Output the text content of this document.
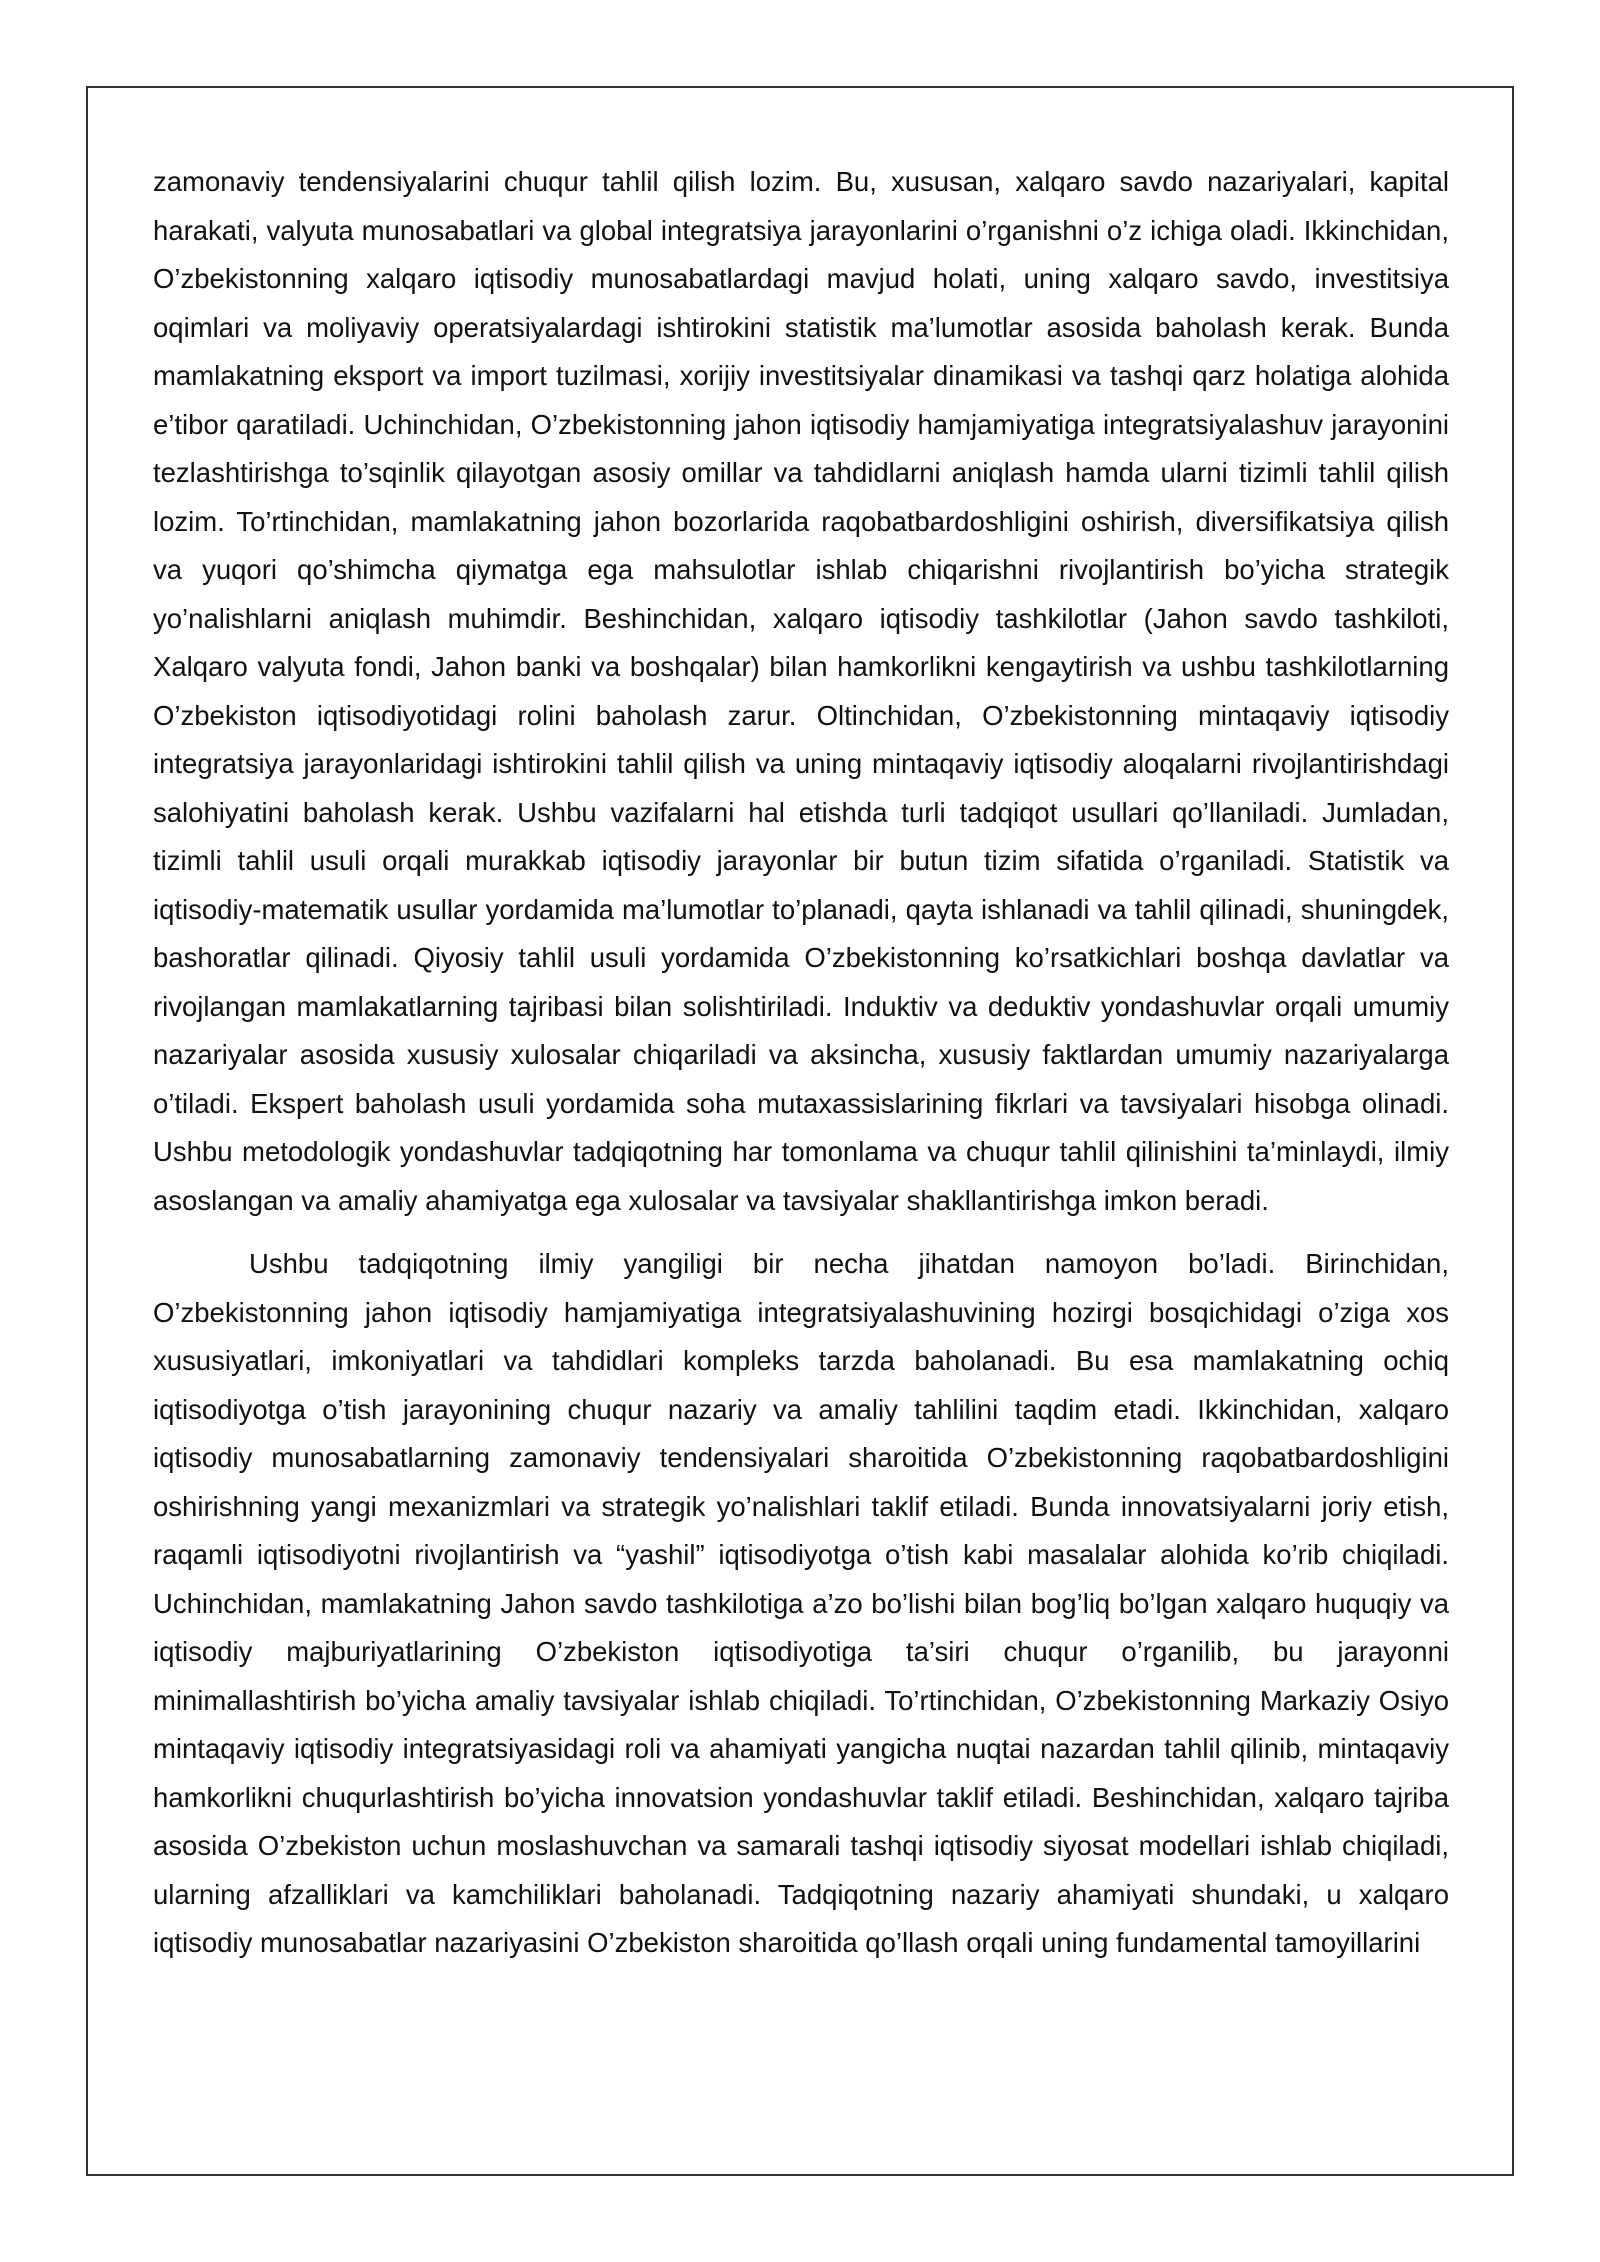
zamonaviy tendensiyalarini chuqur tahlil qilish lozim. Bu, xususan, xalqaro savdo nazariyalari, kapital harakati, valyuta munosabatlari va global integratsiya jarayonlarini o’rganishni o’z ichiga oladi. Ikkinchidan, O’zbekistonning xalqaro iqtisodiy munosabatlardagi mavjud holati, uning xalqaro savdo, investitsiya oqimlari va moliyaviy operatsiyalardagi ishtirokini statistik ma’lumotlar asosida baholash kerak. Bunda mamlakatning eksport va import tuzilmasi, xorijiy investitsiyalar dinamikasi va tashqi qarz holatiga alohida e’tibor qaratiladi. Uchinchidan, O’zbekistonning jahon iqtisodiy hamjamiyatiga integratsiyalashuv jarayonini tezlashtirishga to’sqinlik qilayotgan asosiy omillar va tahdidlarni aniqlash hamda ularni tizimli tahlil qilish lozim. To’rtinchidan, mamlakatning jahon bozorlarida raqobatbardoshligini oshirish, diversifikatsiya qilish va yuqori qo’shimcha qiymatga ega mahsulotlar ishlab chiqarishni rivojlantirish bo’yicha strategik yo’nalishlarni aniqlash muhimdir. Beshinchidan, xalqaro iqtisodiy tashkilotlar (Jahon savdo tashkiloti, Xalqaro valyuta fondi, Jahon banki va boshqalar) bilan hamkorlikni kengaytirish va ushbu tashkilotlarning O’zbekiston iqtisodiyotidagi rolini baholash zarur. Oltinchidan, O’zbekistonning mintaqaviy iqtisodiy integratsiya jarayonlaridagi ishtirokini tahlil qilish va uning mintaqaviy iqtisodiy aloqalarni rivojlantirishdagi salohiyatini baholash kerak. Ushbu vazifalarni hal etishda turli tadqiqot usullari qo’llaniladi. Jumladan, tizimli tahlil usuli orqali murakkab iqtisodiy jarayonlar bir butun tizim sifatida o’rganiladi. Statistik va iqtisodiy-matematik usullar yordamida ma’lumotlar to’planadi, qayta ishlanadi va tahlil qilinadi, shuningdek, bashoratlar qilinadi. Qiyosiy tahlil usuli yordamida O’zbekistonning ko’rsatkichlari boshqa davlatlar va rivojlangan mamlakatlarning tajribasi bilan solishtiriladi. Induktiv va deduktiv yondashuvlar orqali umumiy nazariyalar asosida xususiy xulosalar chiqariladi va aksincha, xususiy faktlardan umumiy nazariyalarga o’tiladi. Ekspert baholash usuli yordamida soha mutaxassislarining fikrlari va tavsiyalari hisobga olinadi. Ushbu metodologik yondashuvlar tadqiqotning har tomonlama va chuqur tahlil qilinishini ta’minlaydi, ilmiy asoslangan va amaliy ahamiyatga ega xulosalar va tavsiyalar shakllantirishga imkon beradi.

Ushbu tadqiqotning ilmiy yangiligi bir necha jihatdan namoyon bo’ladi. Birinchidan, O’zbekistonning jahon iqtisodiy hamjamiyatiga integratsiyalashuvining hozirgi bosqichidagi o’ziga xos xususiyatlari, imkoniyatlari va tahdidlari kompleks tarzda baholanadi. Bu esa mamlakatning ochiq iqtisodiyotga o’tish jarayonining chuqur nazariy va amaliy tahlilini taqdim etadi. Ikkinchidan, xalqaro iqtisodiy munosabatlarning zamonaviy tendensiyalari sharoitida O’zbekistonning raqobatbardoshligini oshirishning yangi mexanizmlari va strategik yo’nalishlari taklif etiladi. Bunda innovatsiyalarni joriy etish, raqamli iqtisodiyotni rivojlantirish va “yashil” iqtisodiyotga o’tish kabi masalalar alohida ko’rib chiqiladi. Uchinchidan, mamlakatning Jahon savdo tashkilotiga a’zo bo’lishi bilan bog’liq bo’lgan xalqaro huquqiy va iqtisodiy majburiyatlarining O’zbekiston iqtisodiyotiga ta’siri chuqur o’rganilib, bu jarayonni minimallashtirish bo’yicha amaliy tavsiyalar ishlab chiqiladi. To’rtinchidan, O’zbekistonning Markaziy Osiyo mintaqaviy iqtisodiy integratsiyasidagi roli va ahamiyati yangicha nuqtai nazardan tahlil qilinib, mintaqaviy hamkorlikni chuqurlashtirish bo’yicha innovatsion yondashuvlar taklif etiladi. Beshinchidan, xalqaro tajriba asosida O’zbekiston uchun moslashuvchan va samarali tashqi iqtisodiy siyosat modellari ishlab chiqiladi, ularning afzalliklari va kamchiliklari baholanadi. Tadqiqotning nazariy ahamiyati shundaki, u xalqaro iqtisodiy munosabatlar nazariyasini O’zbekiston sharoitida qo’llash orqali uning fundamental tamoyillarini
